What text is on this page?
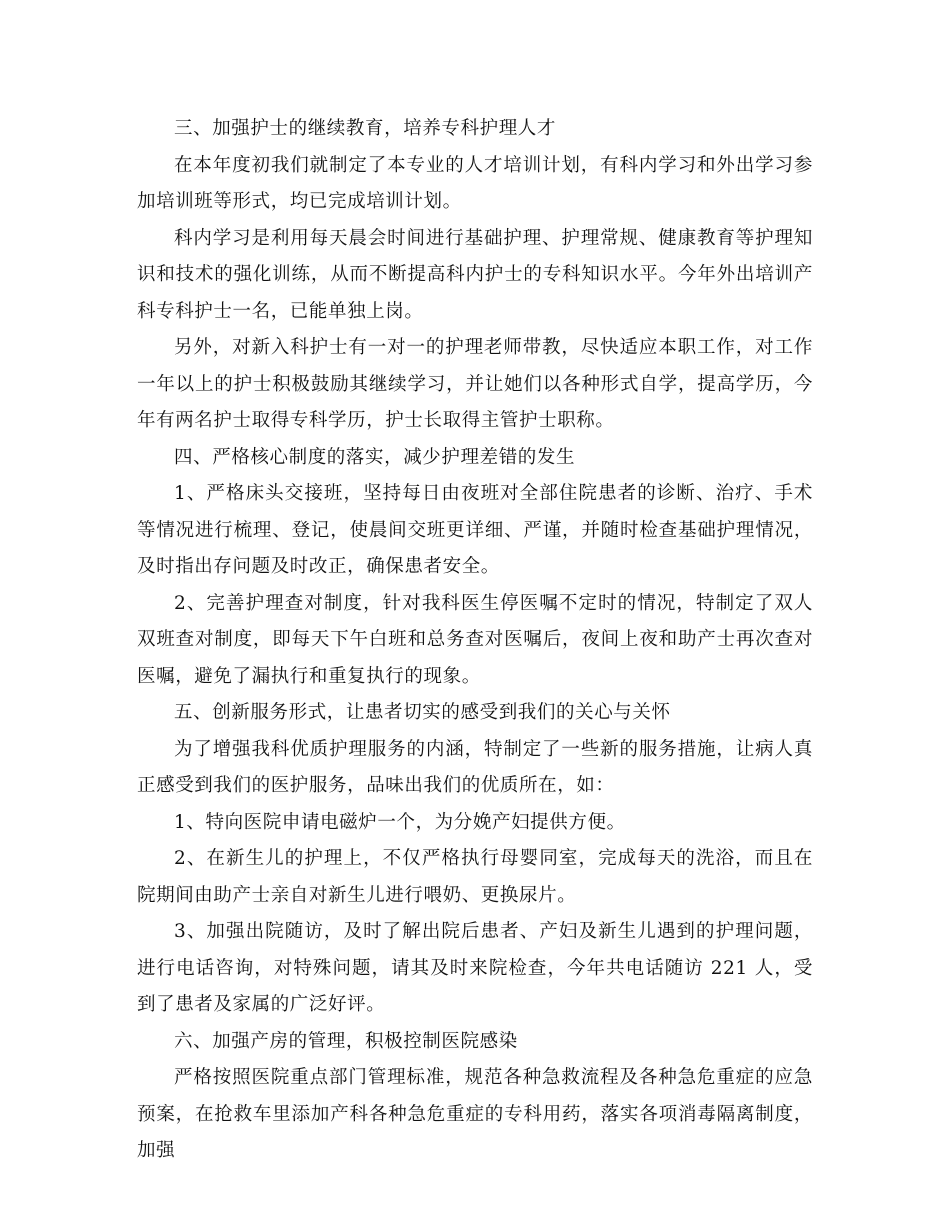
三、加强护士的继续教育，培养专科护理人才

在本年度初我们就制定了本专业的人才培训计划，有科内学习和外出学习参加培训班等形式，均已完成培训计划。

科内学习是利用每天晨会时间进行基础护理、护理常规、健康教育等护理知识和技术的强化训练，从而不断提高科内护士的专科知识水平。今年外出培训产科专科护士一名，已能单独上岗。

另外，对新入科护士有一对一的护理老师带教，尽快适应本职工作，对工作一年以上的护士积极鼓励其继续学习，并让她们以各种形式自学，提高学历，今年有两名护士取得专科学历，护士长取得主管护士职称。

四、严格核心制度的落实，减少护理差错的发生

1、严格床头交接班，坚持每日由夜班对全部住院患者的诊断、治疗、手术等情况进行梳理、登记，使晨间交班更详细、严谨，并随时检查基础护理情况，及时指出存问题及时改正，确保患者安全。

2、完善护理查对制度，针对我科医生停医嘱不定时的情况，特制定了双人双班查对制度，即每天下午白班和总务查对医嘱后，夜间上夜和助产士再次查对医嘱，避免了漏执行和重复执行的现象。

五、创新服务形式，让患者切实的感受到我们的关心与关怀

为了增强我科优质护理服务的内涵，特制定了一些新的服务措施，让病人真正感受到我们的医护服务，品味出我们的优质所在，如：

1、特向医院申请电磁炉一个，为分娩产妇提供方便。

2、在新生儿的护理上，不仅严格执行母婴同室，完成每天的洗浴，而且在院期间由助产士亲自对新生儿进行喂奶、更换尿片。

3、加强出院随访，及时了解出院后患者、产妇及新生儿遇到的护理问题，进行电话咨询，对特殊问题，请其及时来院检查，今年共电话随访 221 人，受到了患者及家属的广泛好评。

六、加强产房的管理，积极控制医院感染

严格按照医院重点部门管理标准，规范各种急救流程及各种急危重症的应急预案，在抢救车里添加产科各种急危重症的专科用药，落实各项消毒隔离制度，加强
